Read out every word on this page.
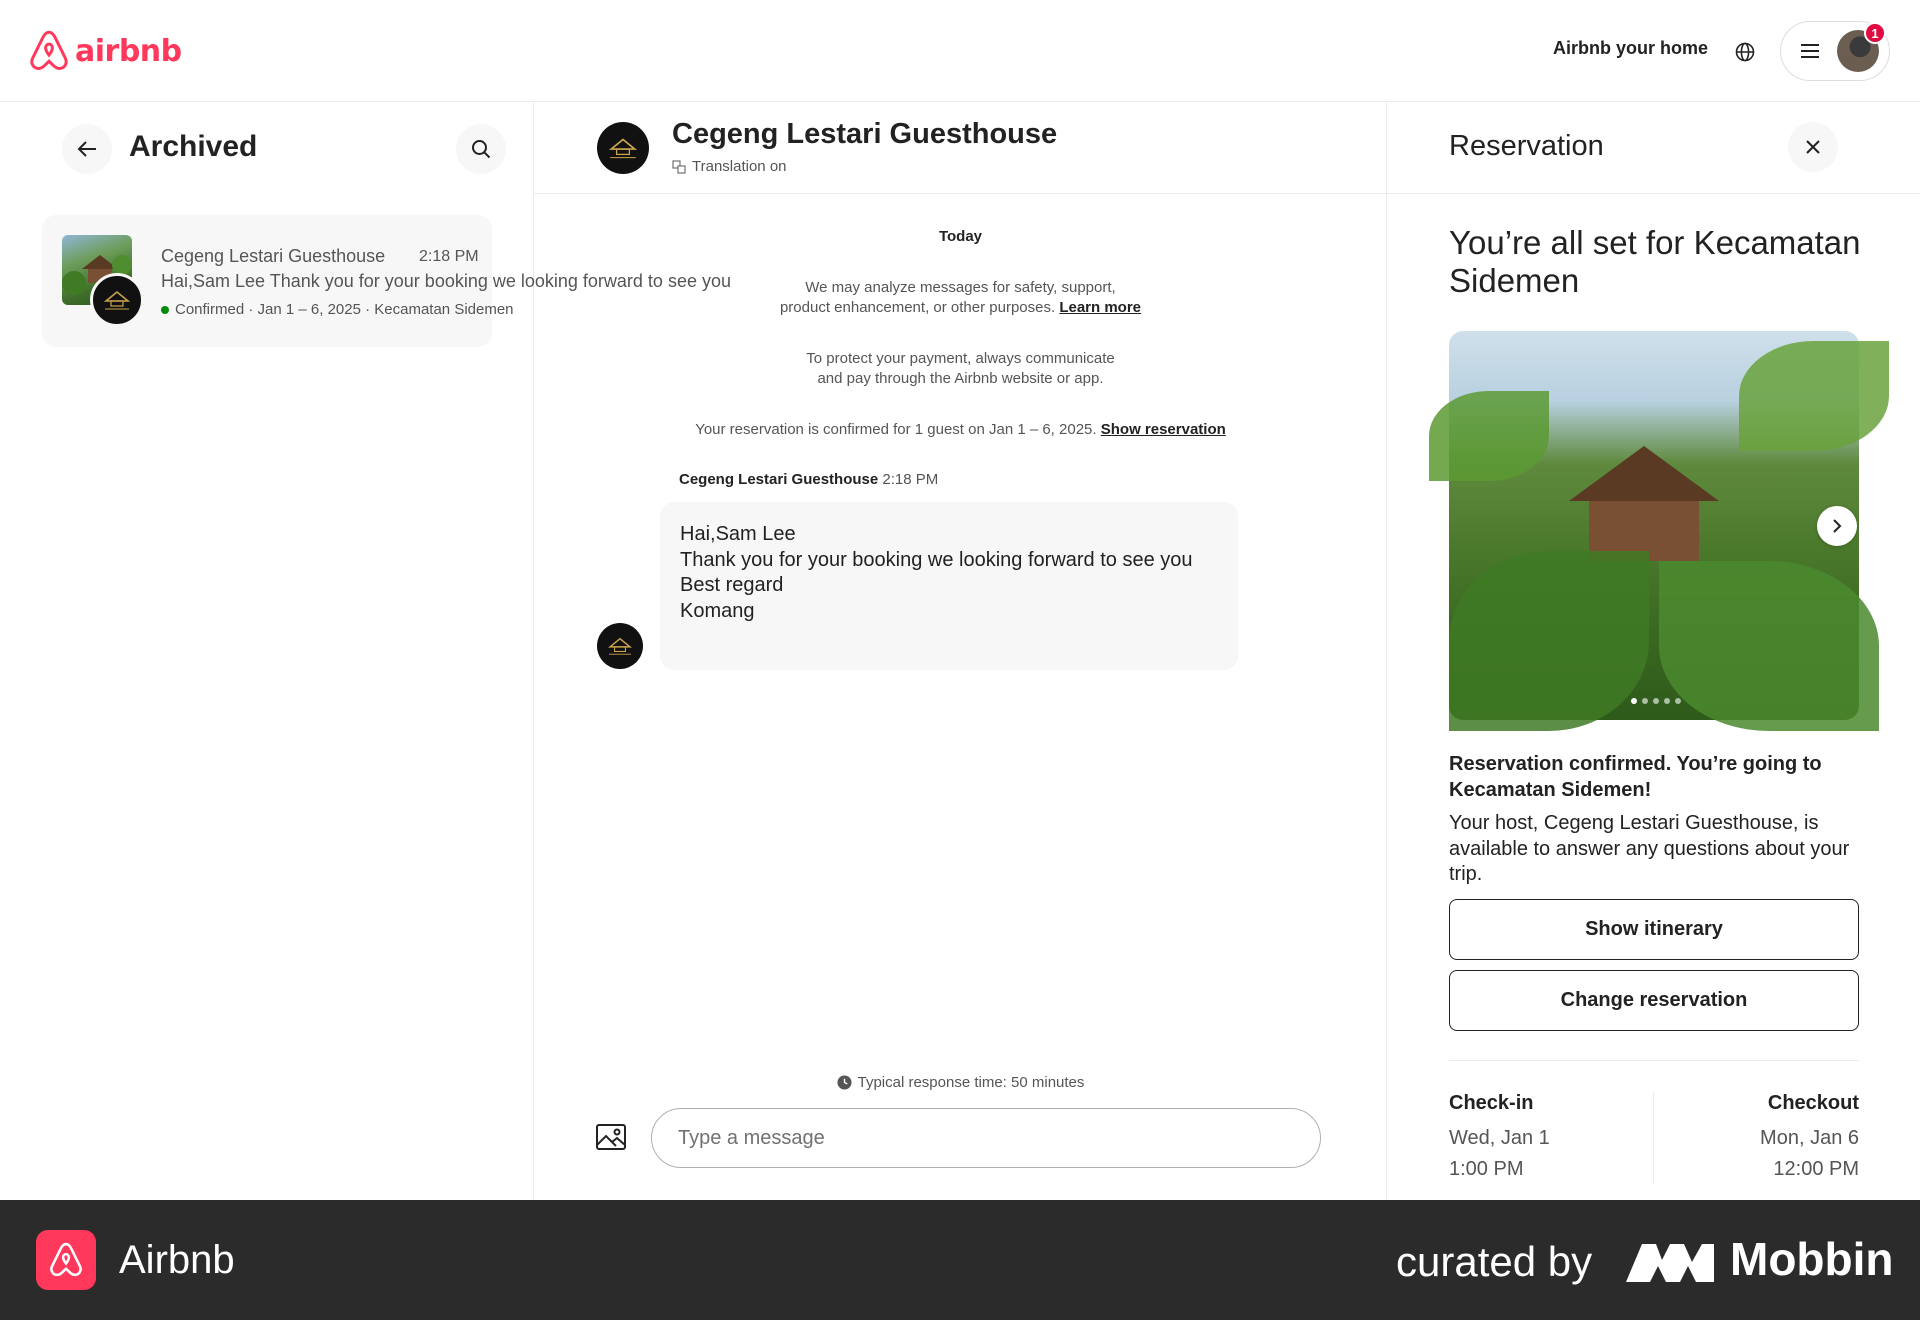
airbnb	Airbnb your home
1
Archived
Cegeng Lestari Guesthouse 2:18 PM
Hai,Sam Lee Thank you for your booking we looking forward to see you
Confirmed · Jan 1 – 6, 2025 · Kecamatan Sidemen
Cegeng Lestari Guesthouse
Translation on
Today
We may analyze messages for safety, support,
product enhancement, or other purposes. Learn more
To protect your payment, always communicate
and pay through the Airbnb website or app.
Your reservation is confirmed for 1 guest on Jan 1 – 6, 2025. Show reservation
Cegeng Lestari Guesthouse 2:18 PM
Hai,Sam Lee
Thank you for your booking we looking forward to see you
Best regard
Komang
Typical response time: 50 minutes
Type a message
Reservation
You’re all set for Kecamatan Sidemen
Reservation confirmed. You’re going to Kecamatan Sidemen!
Your host, Cegeng Lestari Guesthouse, is available to answer any questions about your trip.
Show itinerary
Change reservation
Check-in
Wed, Jan 1
1:00 PM
Checkout
Mon, Jan 6
12:00 PM
Airbnb	curated by	Mobbin
